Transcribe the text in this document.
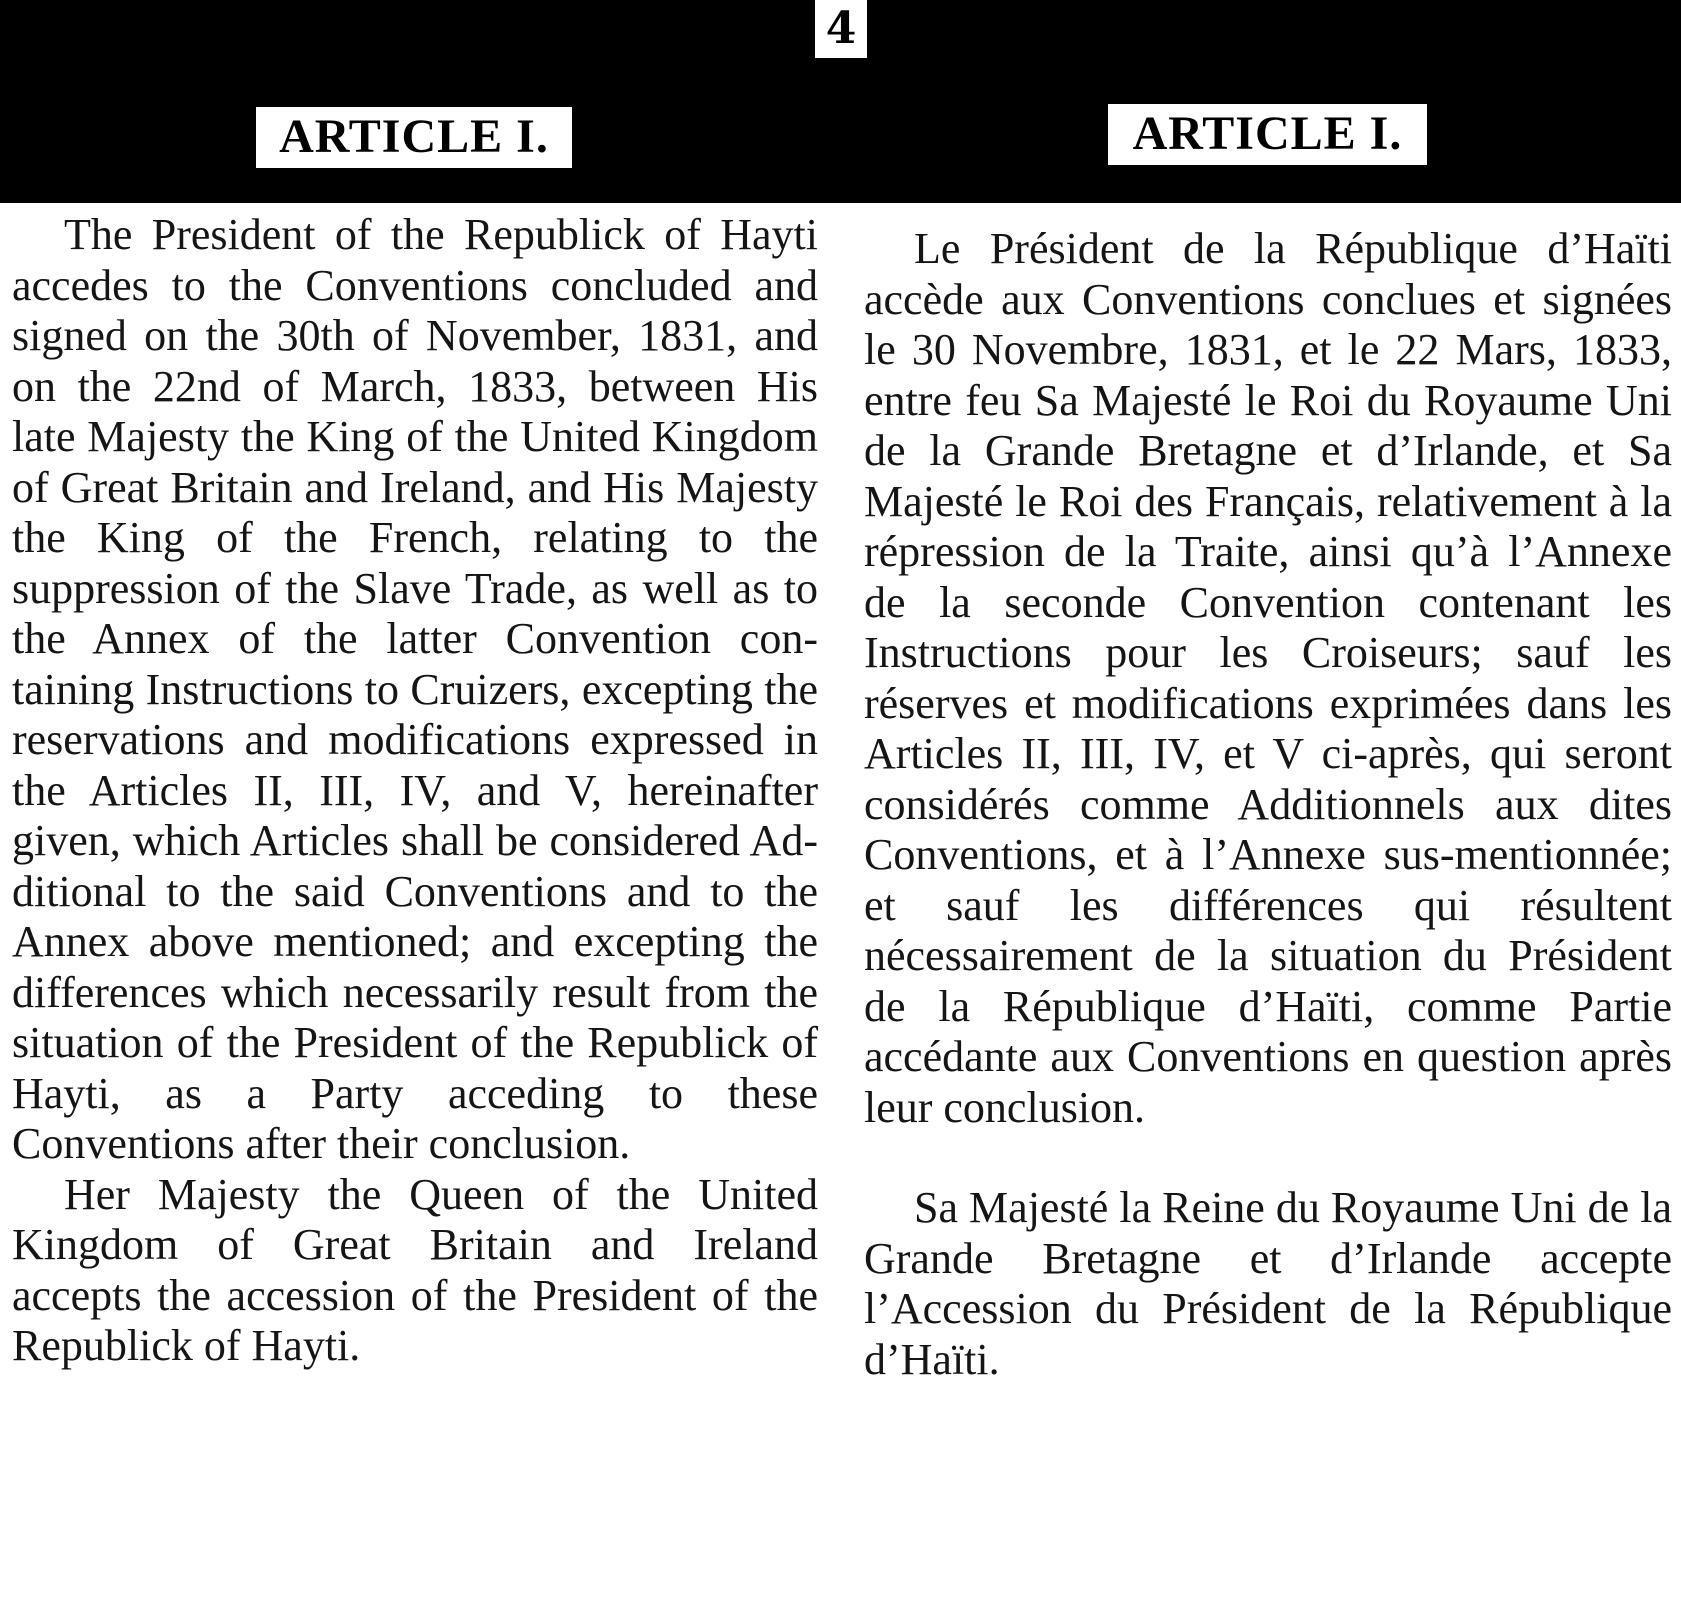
4
ARTICLE I.	ARTICLE I.

The President of the Republick of Hayti accedes to the Conventions concluded and signed on the 30th of November, 1831, and on the 22nd of March, 1833, between His late Majesty the King of the United Kingdom of Great Britain and Ireland, and His Majesty the King of the French, relating to the suppression of the Slave Trade, as well as to the Annex of the latter Convention containing Instructions to Cruizers, excepting the reservations and modifications expressed in the Articles II, III, IV, and V, hereinafter given, which Articles shall be considered Additional to the said Conventions and to the Annex above mentioned; and excepting the differences which necessarily result from the situation of the President of the Republick of Hayti, as a Party acceding to these Conventions after their conclusion.

Her Majesty the Queen of the United Kingdom of Great Britain and Ireland accepts the accession of the President of the Republick of Hayti.

Le Président de la République d’Haïti accède aux Conventions conclues et signées le 30 Novembre, 1831, et le 22 Mars, 1833, entre feu Sa Majesté le Roi du Royaume Uni de la Grande Bretagne et d’Irlande, et Sa Majesté le Roi des Français, relativement à la répression de la Traite, ainsi qu’à l’Annexe de la seconde Convention contenant les Instructions pour les Croiseurs; sauf les réserves et modifications exprimées dans les Articles II, III, IV, et V ci-après, qui seront considérés comme Additionnels aux dites Conventions, et à l’Annexe sus-mentionnée; et sauf les différences qui résultent nécessairement de la situation du Président de la République d’Haïti, comme Partie accédante aux Conventions en question après leur conclusion.

Sa Majesté la Reine du Royaume Uni de la Grande Bretagne et d’Irlande accepte l’Accession du Président de la République d’Haïti.
